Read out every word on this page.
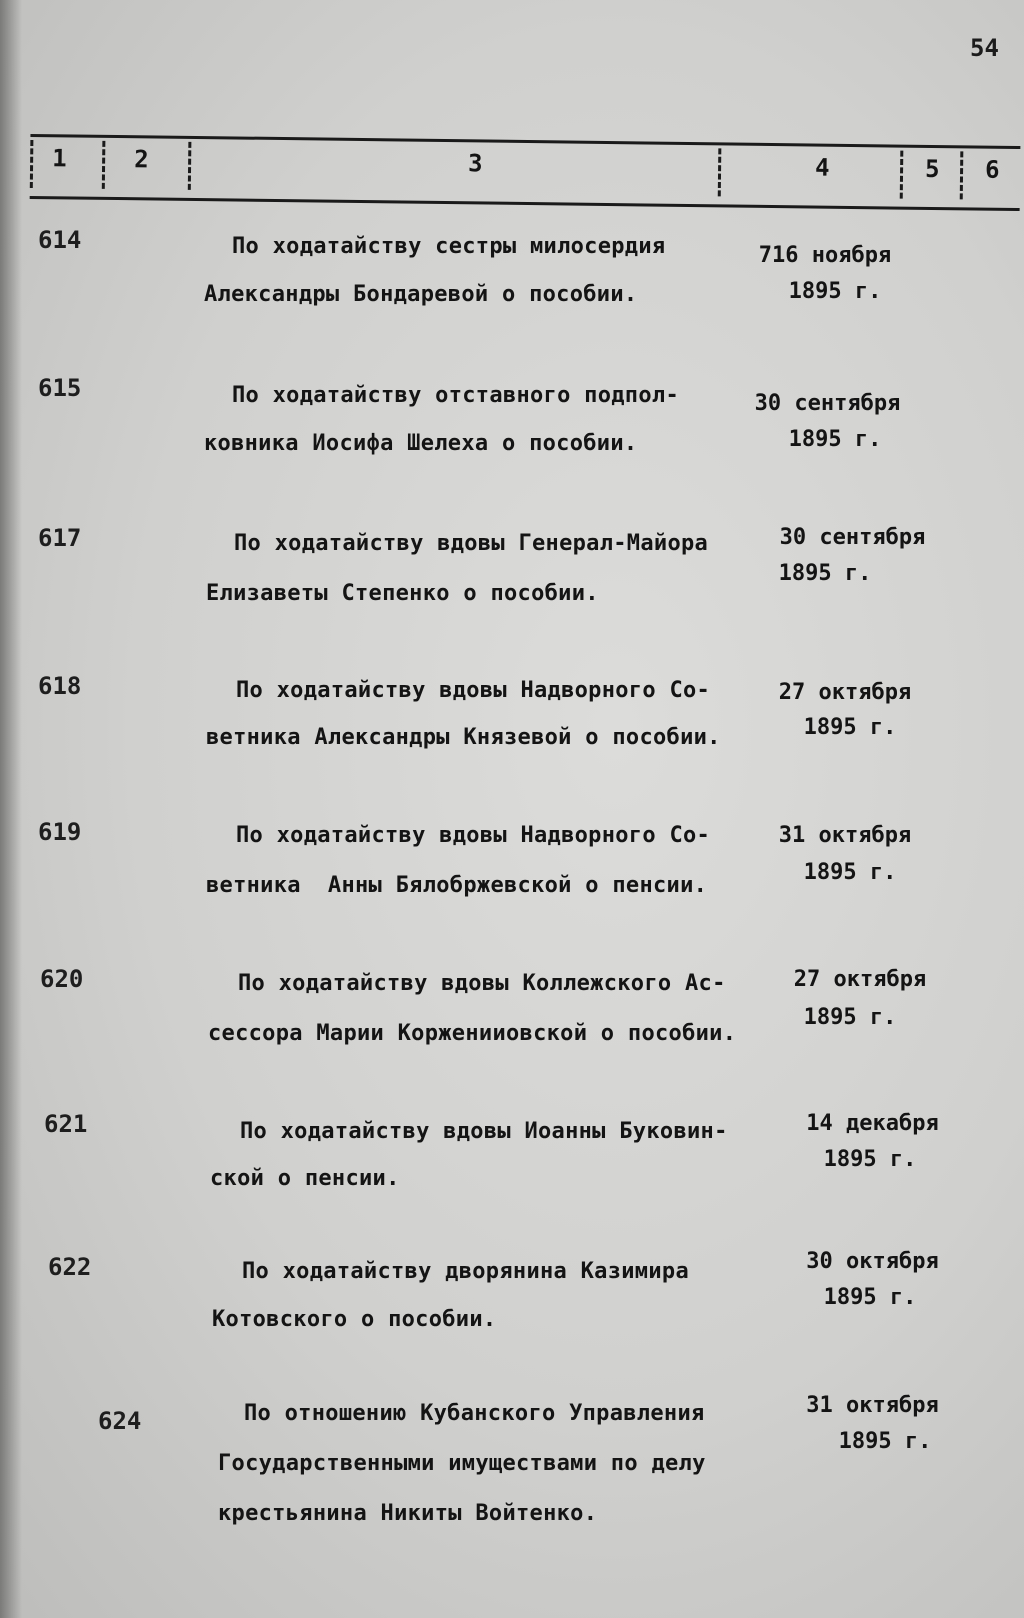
54
1	2	3	4	5 6
614	По ходатайству сестры милосердия
Александры Бондаревой о пособии.
716 ноября
1895 г.
615	По ходатайству отставного подпол-
ковника Иосифа Шелеха о пособии.
30 сентября
1895 г.
617	По ходатайству вдовы Генерал-Майора
Елизаветы Степенко о пособии.
30 сентября
1895 г.
618	По ходатайству вдовы Надворного Со-
ветника Александры Князевой о пособии.
27 октября
1895 г.
619	По ходатайству вдовы Надворного Со-
ветника  Анны Бялобржевской о пенсии.
31 октября
1895 г.
620	По ходатайству вдовы Коллежского Ас-
сессора Марии Корженииовской о пособии.
27 октября
1895 г.
621	По ходатайству вдовы Иоанны Буковин-
ской о пенсии.
14 декабря
1895 г.
622	По ходатайству дворянина Казимира
Котовского о пособии.
30 октября
1895 г.
624	По отношению Кубанского Управления
Государственными имуществами по делу
крестьянина Никиты Войтенко.
31 октября
1895 г.
